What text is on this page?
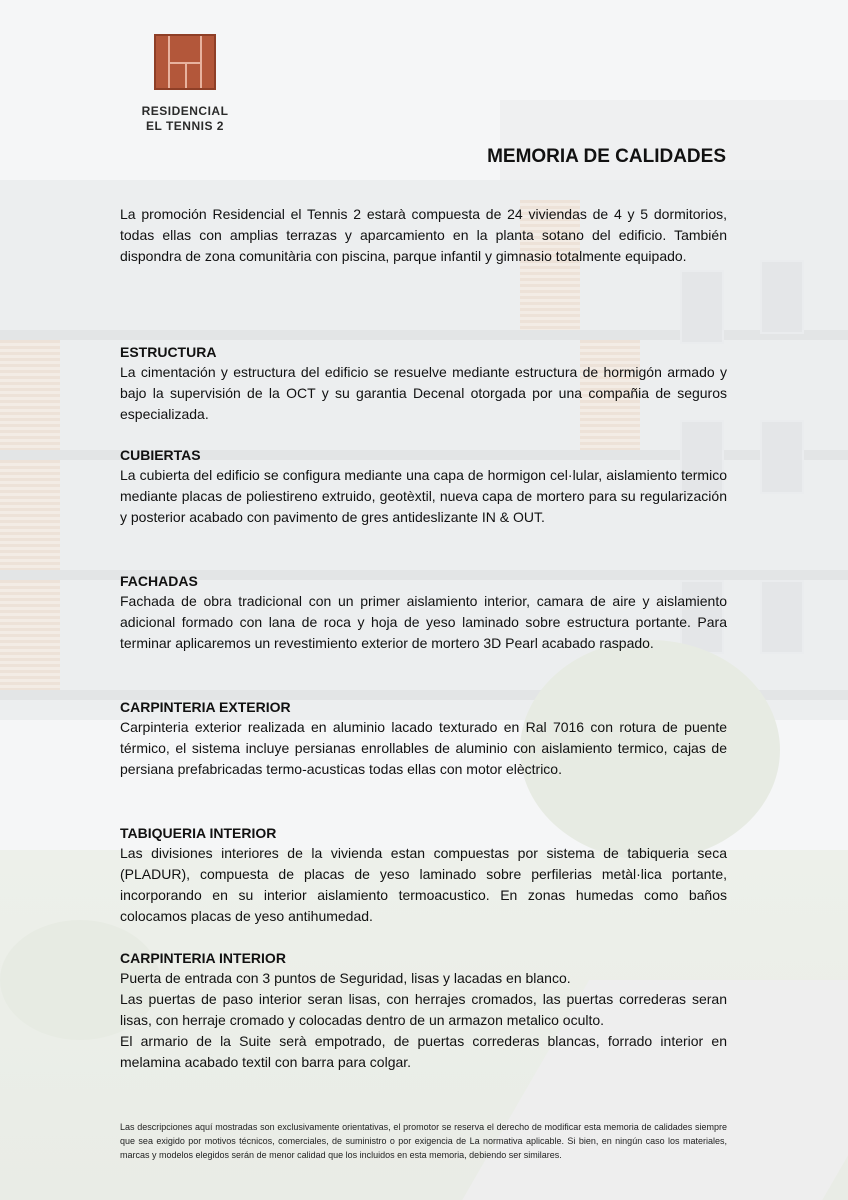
RESIDENCIAL
EL TENNIS 2
MEMORIA DE CALIDADES
La promoción Residencial el Tennis 2 estarà compuesta de 24 viviendas de 4 y 5 dormitorios, todas ellas con amplias terrazas y aparcamiento en la planta sotano del edificio. También dispondra de zona comunitària con piscina, parque infantil y gimnasio totalmente equipado.
ESTRUCTURA

La cimentación y estructura del edificio se resuelve mediante estructura de hormigón armado y bajo la supervisión de la OCT y su garantia Decenal otorgada por una compañia de seguros especializada.

CUBIERTAS

La cubierta del edificio se configura mediante una capa de hormigon cel·lular, aislamiento termico mediante placas de poliestireno extruido, geotèxtil, nueva capa de mortero para su regularización y posterior acabado con pavimento de gres antideslizante IN & OUT.

FACHADAS

Fachada de obra tradicional con un primer aislamiento interior, camara de aire y aislamiento adicional formado con lana de roca y hoja de yeso laminado sobre estructura portante. Para terminar aplicaremos un revestimiento exterior de mortero 3D Pearl acabado raspado.

CARPINTERIA EXTERIOR

Carpinteria exterior realizada en aluminio lacado texturado en Ral 7016 con rotura de puente térmico, el sistema incluye persianas enrollables de aluminio con aislamiento termico, cajas de persiana prefabricadas termo-acusticas todas ellas con motor elèctrico.

TABIQUERIA INTERIOR

Las divisiones interiores de la vivienda estan compuestas por sistema de tabiqueria seca (PLADUR), compuesta de placas de yeso laminado sobre perfilerias metàl·lica portante, incorporando en su interior aislamiento termoacustico. En zonas humedas como baños colocamos placas de yeso antihumedad.

CARPINTERIA INTERIOR

Puerta de entrada con 3 puntos de Seguridad, lisas y lacadas en blanco.

Las puertas de paso interior seran lisas, con herrajes cromados, las puertas correderas seran lisas, con herraje cromado y colocadas dentro de un armazon metalico oculto.

El armario de la Suite serà empotrado, de puertas correderas blancas, forrado interior en melamina acabado textil con barra para colgar.

Las descripciones aquí mostradas son exclusivamente orientativas, el promotor se reserva el derecho de modificar esta memoria de calidades siempre que sea exigido por motivos técnicos, comerciales, de suministro o por exigencia de La normativa aplicable. Si bien, en ningún caso los materiales, marcas y modelos elegidos serán de menor calidad que los incluidos en esta memoria, debiendo ser similares.
